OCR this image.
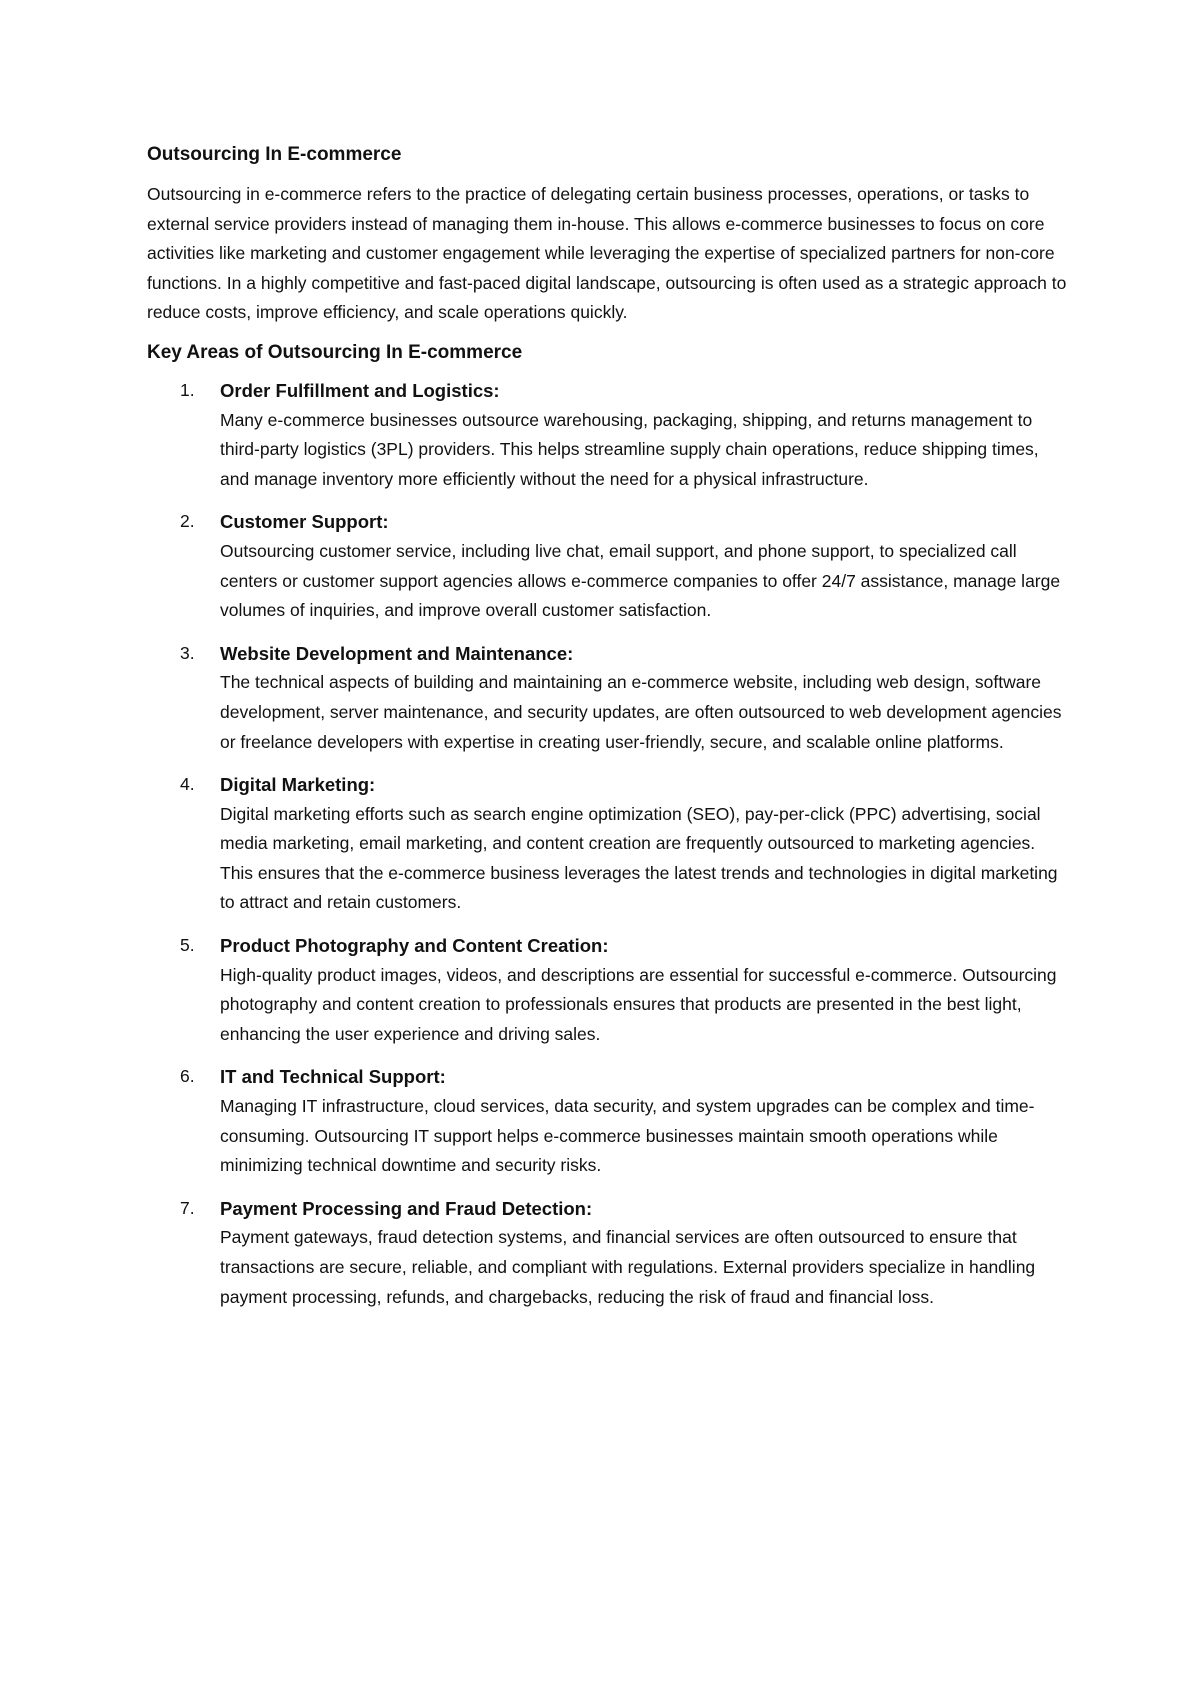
Outsourcing In E-commerce

Outsourcing in e-commerce refers to the practice of delegating certain business processes, operations, or tasks to external service providers instead of managing them in-house. This allows e-commerce businesses to focus on core activities like marketing and customer engagement while leveraging the expertise of specialized partners for non-core functions. In a highly competitive and fast-paced digital landscape, outsourcing is often used as a strategic approach to reduce costs, improve efficiency, and scale operations quickly.

Key Areas of Outsourcing In E-commerce
1. Order Fulfillment and Logistics:
Many e-commerce businesses outsource warehousing, packaging, shipping, and returns management to third-party logistics (3PL) providers. This helps streamline supply chain operations, reduce shipping times, and manage inventory more efficiently without the need for a physical infrastructure.
2. Customer Support:
Outsourcing customer service, including live chat, email support, and phone support, to specialized call centers or customer support agencies allows e-commerce companies to offer 24/7 assistance, manage large volumes of inquiries, and improve overall customer satisfaction.
3. Website Development and Maintenance:
The technical aspects of building and maintaining an e-commerce website, including web design, software development, server maintenance, and security updates, are often outsourced to web development agencies or freelance developers with expertise in creating user-friendly, secure, and scalable online platforms.
4. Digital Marketing:
Digital marketing efforts such as search engine optimization (SEO), pay-per-click (PPC) advertising, social media marketing, email marketing, and content creation are frequently outsourced to marketing agencies. This ensures that the e-commerce business leverages the latest trends and technologies in digital marketing to attract and retain customers.
5. Product Photography and Content Creation:
High-quality product images, videos, and descriptions are essential for successful e-commerce. Outsourcing photography and content creation to professionals ensures that products are presented in the best light, enhancing the user experience and driving sales.
6. IT and Technical Support:
Managing IT infrastructure, cloud services, data security, and system upgrades can be complex and time-consuming. Outsourcing IT support helps e-commerce businesses maintain smooth operations while minimizing technical downtime and security risks.
7. Payment Processing and Fraud Detection:
Payment gateways, fraud detection systems, and financial services are often outsourced to ensure that transactions are secure, reliable, and compliant with regulations. External providers specialize in handling payment processing, refunds, and chargebacks, reducing the risk of fraud and financial loss.
